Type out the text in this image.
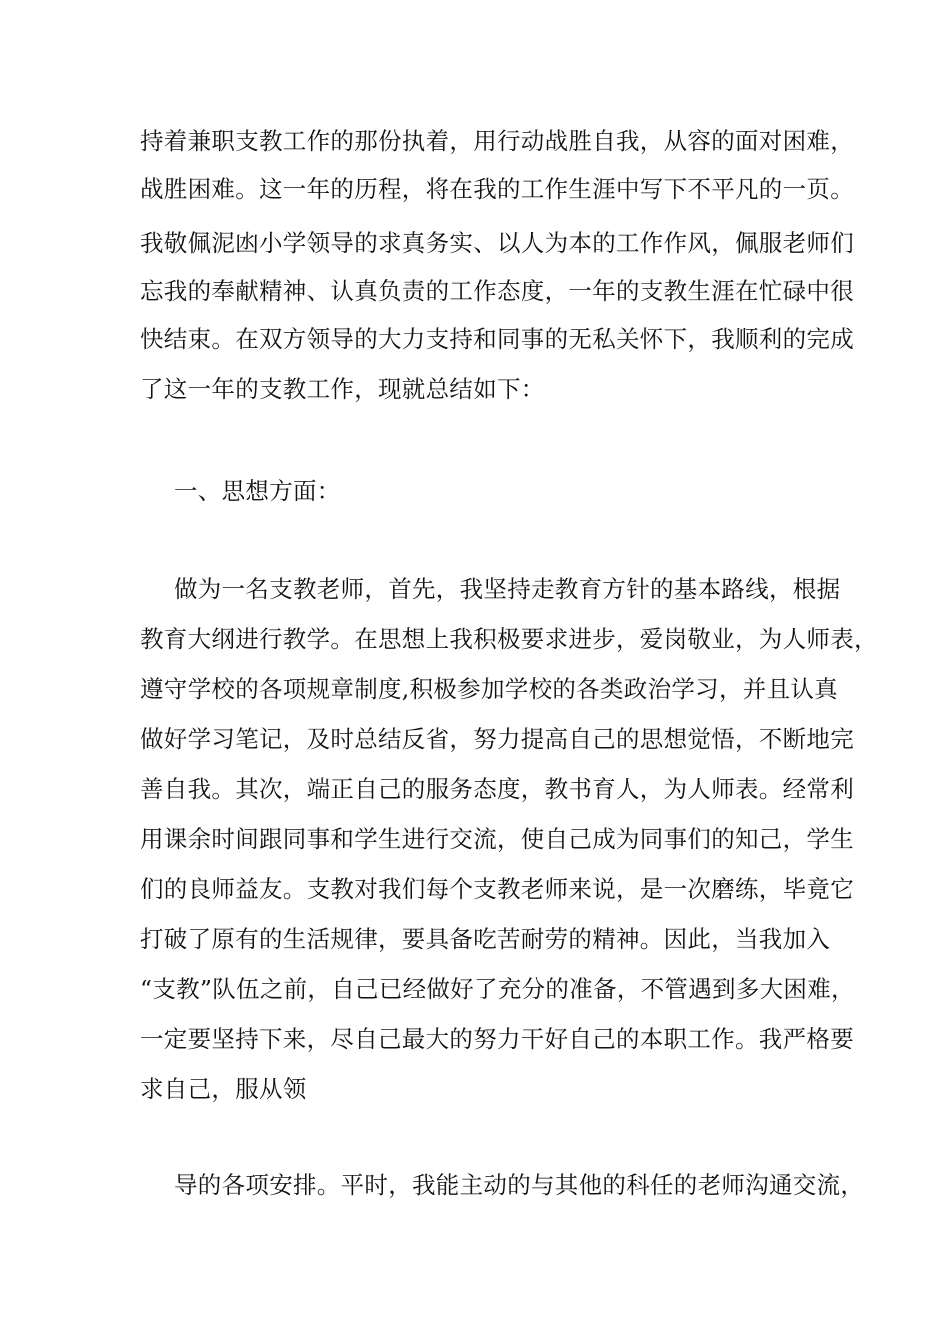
持着兼职支教工作的那份执着，用行动战胜自我，从容的面对困难，
战胜困难。这一年的历程，将在我的工作生涯中写下不平凡的一页。
我敬佩泥凼小学领导的求真务实、以人为本的工作作风，佩服老师们
忘我的奉献精神、认真负责的工作态度，一年的支教生涯在忙碌中很
快结束。在双方领导的大力支持和同事的无私关怀下，我顺利的完成
了这一年的支教工作，现就总结如下：
一、思想方面：
做为一名支教老师，首先，我坚持走教育方针的基本路线，根据
教育大纲进行教学。在思想上我积极要求进步，爱岗敬业，为人师表，
遵守学校的各项规章制度,积极参加学校的各类政治学习，并且认真
做好学习笔记，及时总结反省，努力提高自己的思想觉悟，不断地完
善自我。其次，端正自己的服务态度，教书育人，为人师表。经常利
用课余时间跟同事和学生进行交流，使自己成为同事们的知己，学生
们的良师益友。支教对我们每个支教老师来说，是一次磨练，毕竟它
打破了原有的生活规律，要具备吃苦耐劳的精神。因此，当我加入
“支教”队伍之前，自己已经做好了充分的准备，不管遇到多大困难，
一定要坚持下来，尽自己最大的努力干好自己的本职工作。我严格要
求自己，服从领
导的各项安排。平时，我能主动的与其他的科任的老师沟通交流，
